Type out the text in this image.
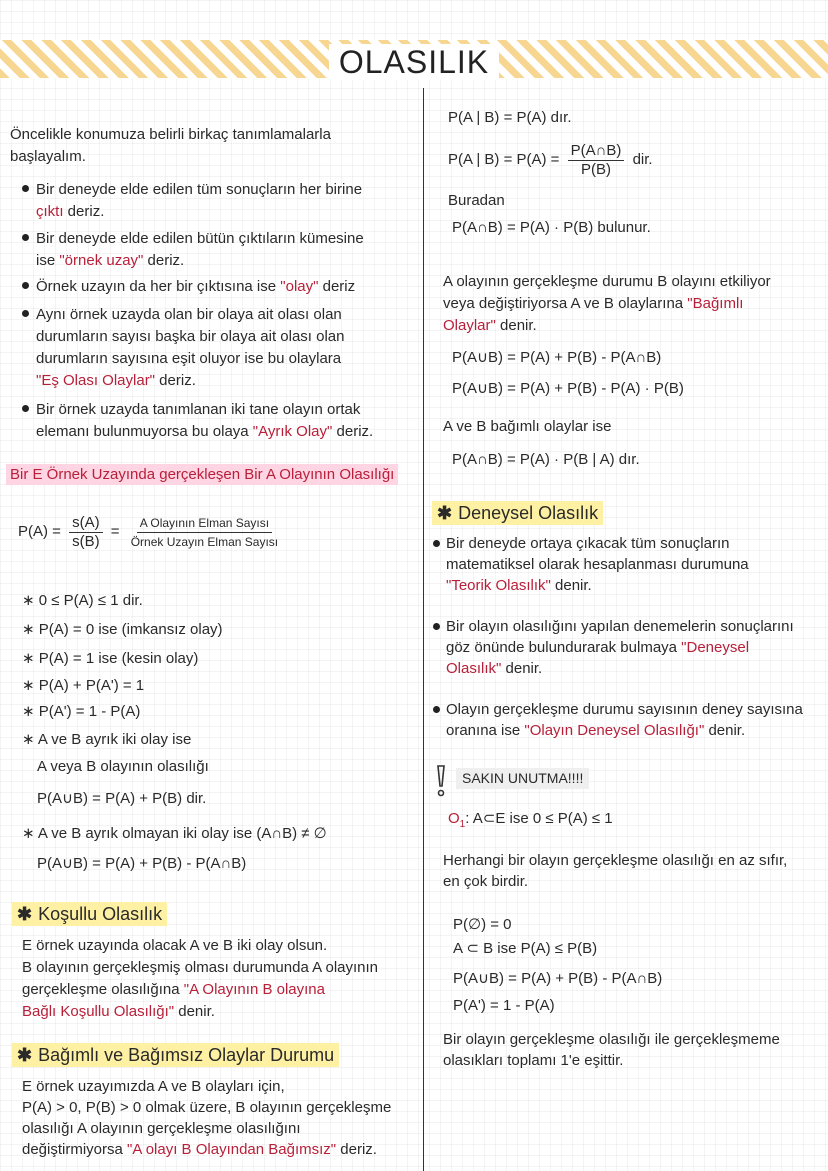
OLASILIK
Öncelikle konumuza belirli birkaç tanımlamalarla
başlayalım.
Bir deneyde elde edilen tüm sonuçların her birine
çıktı deriz.
Bir deneyde elde edilen bütün çıktıların kümesine
ise "örnek uzay" deriz.
Örnek uzayın da her bir çıktısına ise "olay" deriz
Aynı örnek uzayda olan bir olaya ait olası olan
durumların sayısı başka bir olaya ait olası olan
durumların sayısına eşit oluyor ise bu olaylara
"Eş Olası Olaylar" deriz.
Bir örnek uzayda tanımlanan iki tane olayın ortak
elemanı bulunmuyorsa bu olaya "Ayrık Olay" deriz.
Bir E Örnek Uzayında gerçekleşen Bir A Olayının Olasılığı
$P(A) = \frac{s(A)}{s(B)} = \frac{\text{A Olayının Elman Sayısı}}{\text{Örnek Uzayın Elman Sayısı}}$
∗ 0 ≤ P(A) ≤ 1 dir.
∗ P(A) = 0 ise (imkansız olay)
∗ P(A) = 1 ise (kesin olay)
∗ P(A) + P(A') = 1
∗ P(A') = 1 - P(A)
∗ A ve B ayrık iki olay ise
A veya B olayının olasılığı
P(A∪B) = P(A) + P(B) dir.
∗ A ve B ayrık olmayan iki olay ise (A∩B) ≠ ∅
P(A∪B) = P(A) + P(B) - P(A∩B)
✱ Koşullu Olasılık
E örnek uzayında olacak A ve B iki olay olsun.
B olayının gerçekleşmiş olması durumunda A olayının
gerçekleşme olasılığına "A Olayının B olayına
Bağlı Koşullu Olasılığı" denir.
✱ Bağımlı ve Bağımsız Olaylar Durumu
E örnek uzayımızda A ve B olayları için,
P(A) > 0, P(B) > 0 olmak üzere, B olayının gerçekleşme
olasılığı A olayının gerçekleşme olasılığını
değiştirmiyorsa "A olayı B Olayından Bağımsız" deriz.
P(A | B) = P(A) dır.
P(A | $B) = P(A) = \frac{P(A\cap B)}{P(B)}$ dir.
Buradan
P(A∩B) = P(A) · P(B) bulunur.
A olayının gerçekleşme durumu B olayını etkiliyor
veya değiştiriyorsa A ve B olaylarına "Bağımlı
Olaylar" denir.
P(A∪B) = P(A) + P(B) - P(A∩B)
P(A∪B) = P(A) + P(B) - P(A) · P(B)
A ve B bağımlı olaylar ise
P(A∩B) = P(A) · P(B | A) dır.
✱ Deneysel Olasılık
Bir deneyde ortaya çıkacak tüm sonuçların
matematiksel olarak hesaplanması durumuna
"Teorik Olasılık" denir.
Bir olayın olasılığını yapılan denemelerin sonuçlarını
göz önünde bulundurarak bulmaya "Deneysel
Olasılık" denir.
Olayın gerçekleşme durumu sayısının deney sayısına
oranına ise "Olayın Deneysel Olasılığı" denir.
SAKIN UNUTMA!!!!
$O_1$: A⊂E ise 0 ≤ P(A) ≤ 1
Herhangi bir olayın gerçekleşme olasılığı en az sıfır,
en çok birdir.
P(∅) = 0
A ⊂ B ise P(A) ≤ P(B)
P(A∪B) = P(A) + P(B) - P(A∩B)
P(A') = 1 - P(A)
Bir olayın gerçekleşme olasılığı ile gerçekleşmeme
olasıkları toplamı 1'e eşittir.
